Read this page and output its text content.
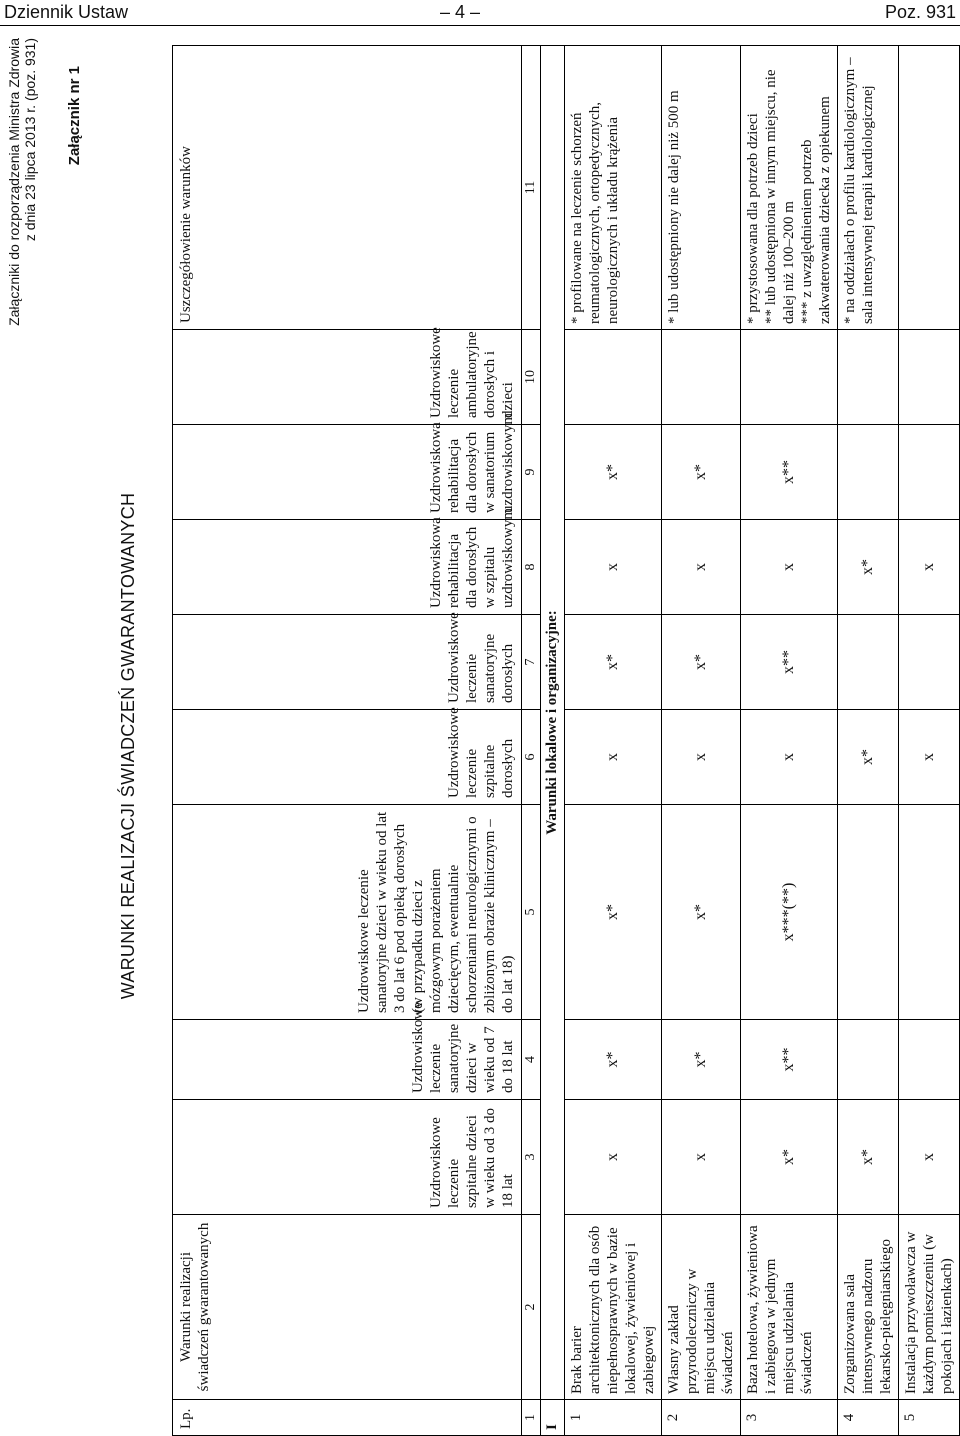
Dziennik Ustaw	– 4 –	Poz. 931
Załączniki do rozporządzenia Ministra Zdrowia z dnia 23 lipca 2013 r. (poz. 931) Załącznik nr 1
WARUNKI REALIZACJI ŚWIADCZEŃ GWARANTOWANYCH
Lp.	Warunki realizacji świadczeń gwarantowanych	Uzdrowiskowe leczenie szpitalne dzieci w wieku od 3 do 18 lat	Uzdrowiskowe leczenie sanatoryjne dzieci w wieku od 7 do 18 lat	Uzdrowiskowe leczenie sanatoryjne dzieci w wieku od lat 3 do lat 6 pod opieką dorosłych (w przypadku dzieci z mózgowym porażeniem dziecięcym, ewentualnie schorzeniami neurologicznymi o zbliżonym obrazie klinicznym – do lat 18)	Uzdrowiskowe leczenie szpitalne dorosłych	Uzdrowiskowe leczenie sanatoryjne dorosłych	Uzdrowiskowa rehabilitacja dla dorosłych w szpitalu uzdrowiskowym	Uzdrowiskowa rehabilitacja dla dorosłych w sanatorium uzdrowiskowym	Uzdrowiskowe leczenie ambulatoryjne dorosłych i dzieci	Uszczegółowienie warunków
1	2	3	4	5	6	7	8	9	10	11
I	Warunki lokalowe i organizacyjne:									
1	Brak barier architektonicznych dla osób niepełnosprawnych w bazie lokalowej, żywieniowej i zabiegowej	x	x*	x*	x	x*	x	x*		* profilowane na leczenie schorzeń reumatologicznych, ortopedycznych, neurologicznych i układu krążenia

2	Własny zakład przyrodoleczniczy w miejscu udzielania świadczeń	x	x*	x*	x	x*	x	x*		* lub udostępniony nie dalej niż 500 m

3	Baza hotelowa, żywieniowa i zabiegowa w jednym miejscu udzielania świadczeń	x*	x**	x***(**)	x	x**	x	x**		* przystosowana dla potrzeb dzieci ** lub udostępniona w innym miejscu, nie dalej niż 100–200 m *** z uwzględnieniem potrzeb zakwaterowania dziecka z opiekunem

4	Zorganizowana sala intensywnego nadzoru lekarsko-pielęgniarskiego	x*			x*		x*			* na oddziałach o profilu kardiologicznym – sala intensywnej terapii kardiologicznej

5	Instalacja przywoławcza w każdym pomieszczeniu (w pokojach i łazienkach)	x			x		x			
